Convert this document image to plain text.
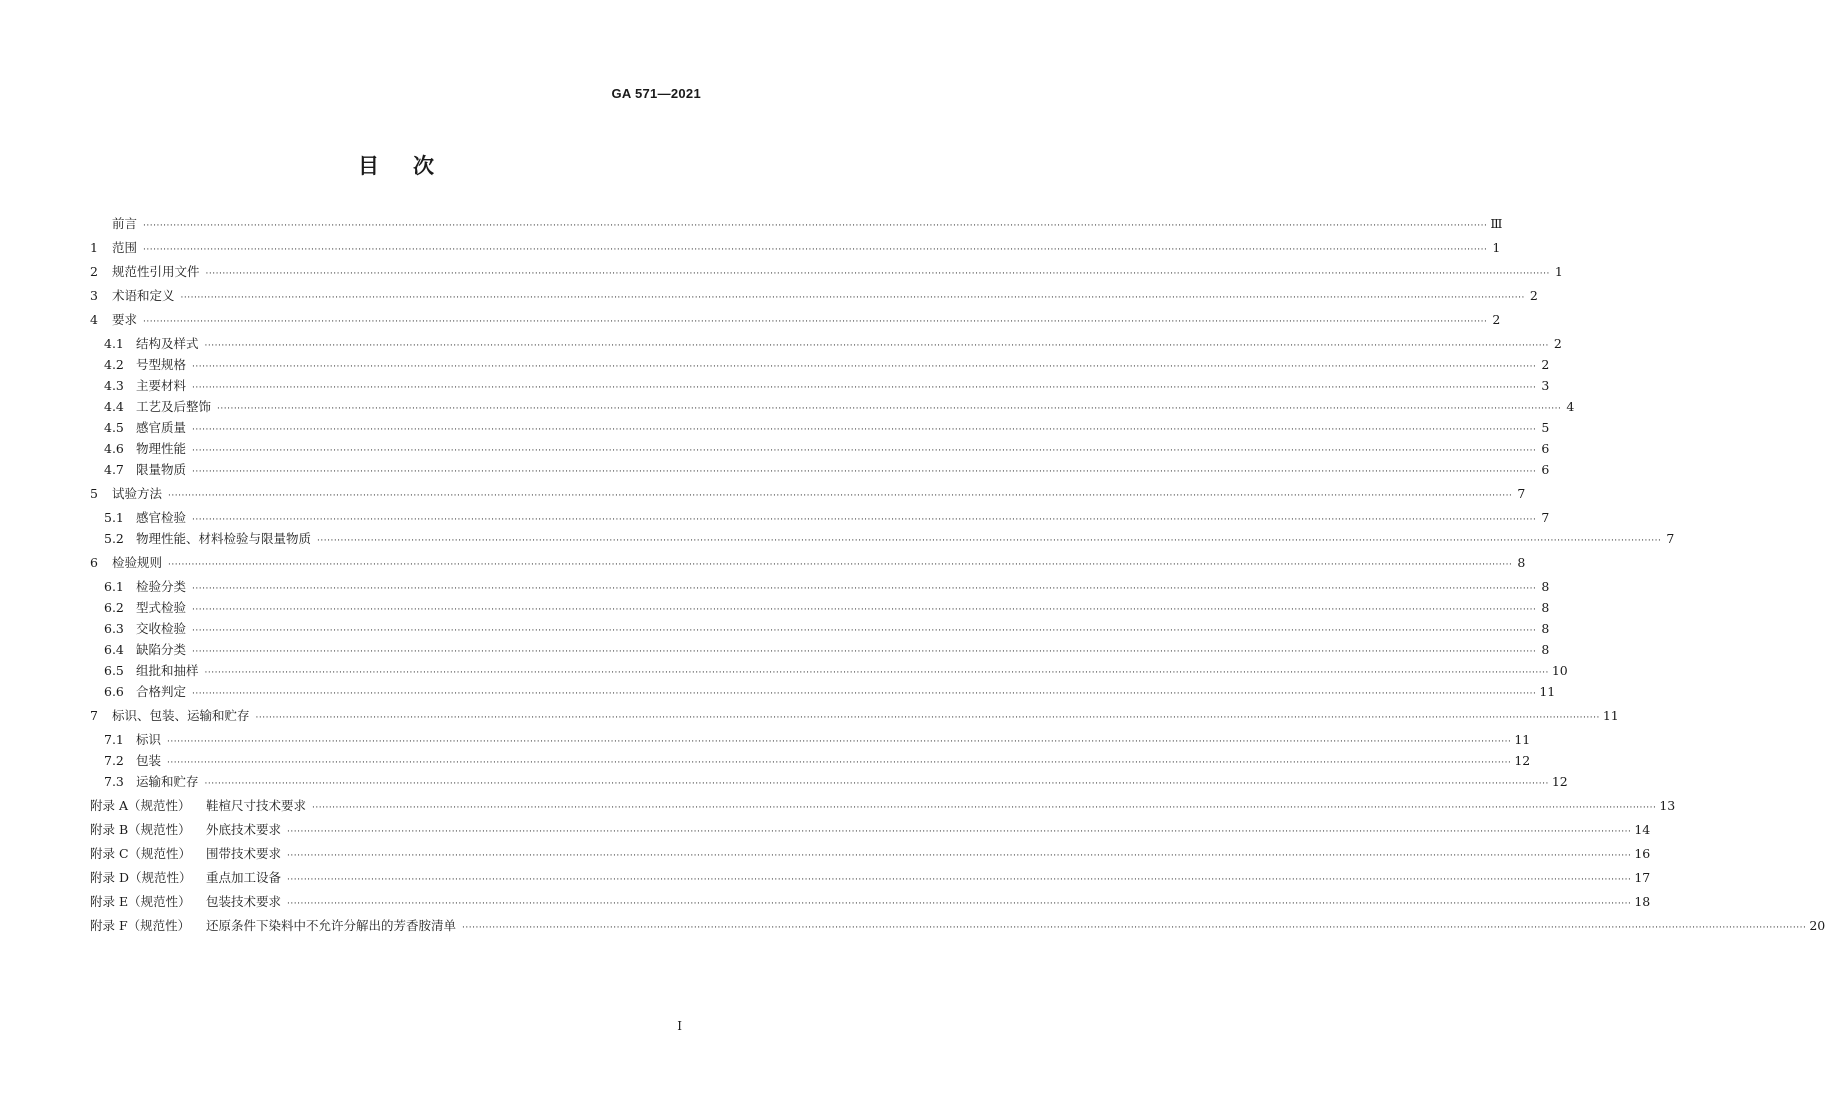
GA 571—2021
目 次
前言 ················································································································································································································································································································································································································ Ⅲ
1	范围 ················································································································································································································································································································································································································ 1
2	规范性引用文件 ················································································································································································································································································································································································································ 1
3	术语和定义 ················································································································································································································································································································································································································ 2
4	要求 ················································································································································································································································································································································································································ 2
4.1 结构及样式 ················································································································································································································································································································································································································ 2
4.2 号型规格 ················································································································································································································································································································································································································ 2
4.3 主要材料 ················································································································································································································································································································································································································ 3
4.4 工艺及后整饰 ················································································································································································································································································································································································································ 4
4.5 感官质量 ················································································································································································································································································································································································································ 5
4.6 物理性能 ················································································································································································································································································································································································································ 6
4.7 限量物质 ················································································································································································································································································································································································································ 6
5	试验方法 ················································································································································································································································································································································································································ 7
5.1 感官检验 ················································································································································································································································································································································································································ 7
5.2 物理性能、材料检验与限量物质 ················································································································································································································································································································································································································ 7
6	检验规则 ················································································································································································································································································································································································································ 8
6.1 检验分类 ················································································································································································································································································································································································································ 8
6.2 型式检验 ················································································································································································································································································································································································································ 8
6.3 交收检验 ················································································································································································································································································································································································································ 8
6.4 缺陷分类 ················································································································································································································································································································································································································ 8
6.5 组批和抽样 ················································································································································································································································································································································································································ 10
6.6 合格判定 ················································································································································································································································································································································································································ 11
7	标识、包装、运输和贮存 ················································································································································································································································································································································································································ 11
7.1 标识 ················································································································································································································································································································································································································ 11
7.2 包装 ················································································································································································································································································································································································································ 12
7.3 运输和贮存 ················································································································································································································································································································································································································ 12
附录 A（规范性）	鞋楦尺寸技术要求 ················································································································································································································································································································································································································ 13
附录 B（规范性）	外底技术要求 ················································································································································································································································································································································································································ 14
附录 C（规范性）	围带技术要求 ················································································································································································································································································································································································································ 16
附录 D（规范性）	重点加工设备 ················································································································································································································································································································································································································ 17
附录 E（规范性）	包装技术要求 ················································································································································································································································································································································································································ 18
附录 F（规范性）	还原条件下染料中不允许分解出的芳香胺清单 ················································································································································································································································································································································································································ 20
I
